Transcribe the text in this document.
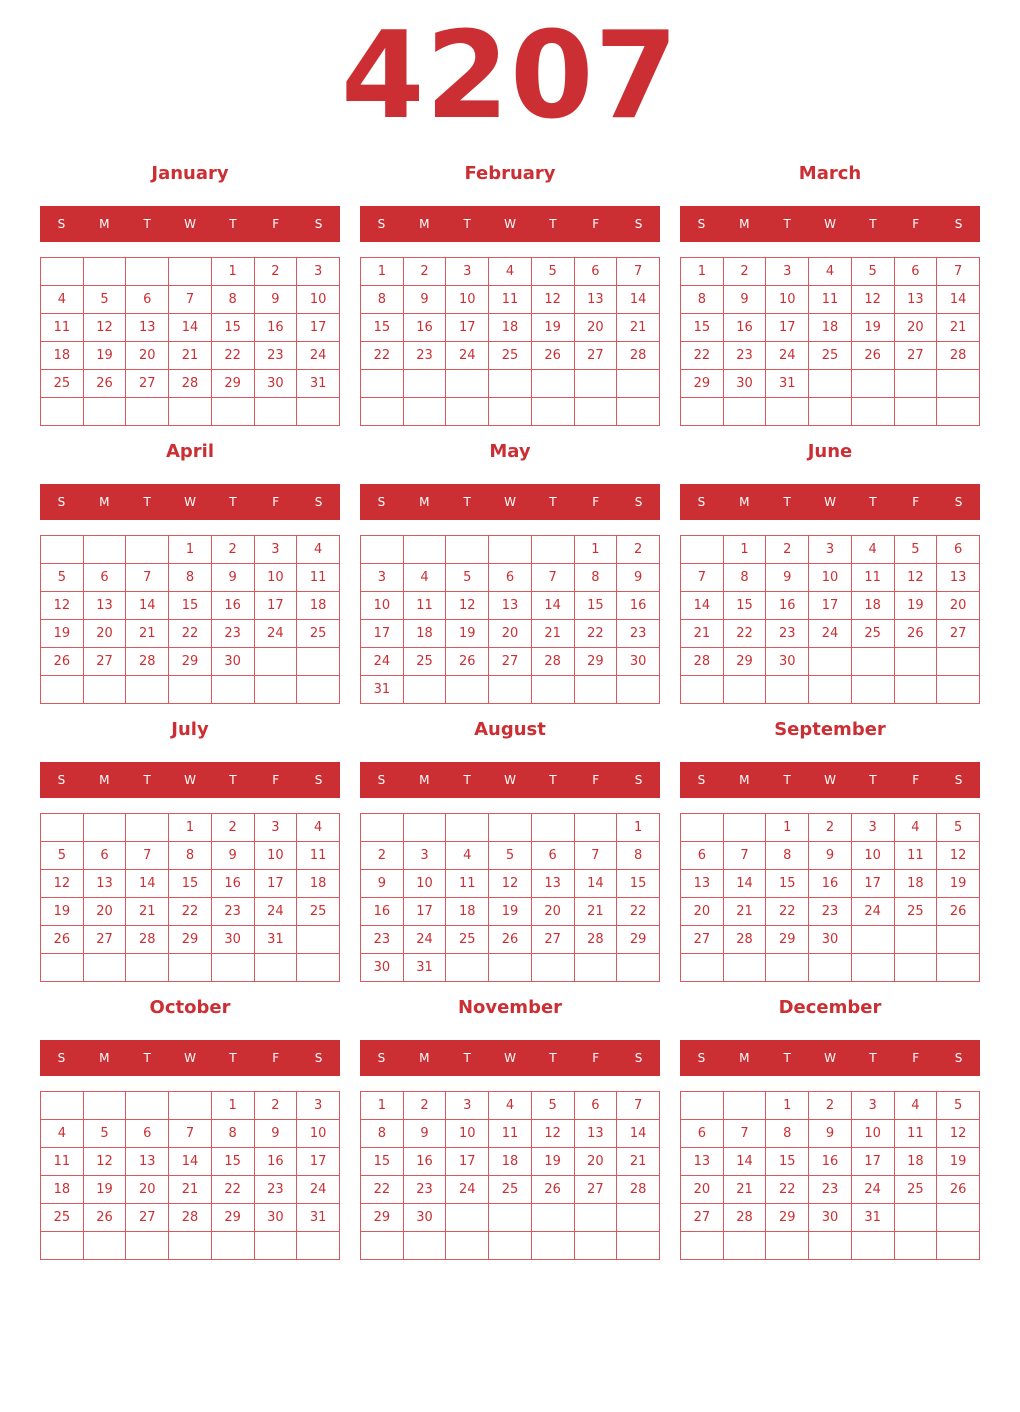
4207
January
S	M	T	W	T	F	S
				1	2	3
4	5	6	7	8	9	10
11	12	13	14	15	16	17
18	19	20	21	22	23	24
25	26	27	28	29	30	31

February
S	M	T	W	T	F	S
1	2	3	4	5	6	7
8	9	10	11	12	13	14
15	16	17	18	19	20	21
22	23	24	25	26	27	28

March
S	M	T	W	T	F	S
1	2	3	4	5	6	7
8	9	10	11	12	13	14
15	16	17	18	19	20	21
22	23	24	25	26	27	28
29	30	31				

April
S	M	T	W	T	F	S
			1	2	3	4
5	6	7	8	9	10	11
12	13	14	15	16	17	18
19	20	21	22	23	24	25
26	27	28	29	30		

May
S	M	T	W	T	F	S
					1	2
3	4	5	6	7	8	9
10	11	12	13	14	15	16
17	18	19	20	21	22	23
24	25	26	27	28	29	30
31						
June
S	M	T	W	T	F	S
	1	2	3	4	5	6
7	8	9	10	11	12	13
14	15	16	17	18	19	20
21	22	23	24	25	26	27
28	29	30				

July
S	M	T	W	T	F	S
			1	2	3	4
5	6	7	8	9	10	11
12	13	14	15	16	17	18
19	20	21	22	23	24	25
26	27	28	29	30	31	

August
S	M	T	W	T	F	S
						1
2	3	4	5	6	7	8
9	10	11	12	13	14	15
16	17	18	19	20	21	22
23	24	25	26	27	28	29
30	31					
September
S	M	T	W	T	F	S
		1	2	3	4	5
6	7	8	9	10	11	12
13	14	15	16	17	18	19
20	21	22	23	24	25	26
27	28	29	30			

October
S	M	T	W	T	F	S
				1	2	3
4	5	6	7	8	9	10
11	12	13	14	15	16	17
18	19	20	21	22	23	24
25	26	27	28	29	30	31

November
S	M	T	W	T	F	S
1	2	3	4	5	6	7
8	9	10	11	12	13	14
15	16	17	18	19	20	21
22	23	24	25	26	27	28
29	30					

December
S	M	T	W	T	F	S
		1	2	3	4	5
6	7	8	9	10	11	12
13	14	15	16	17	18	19
20	21	22	23	24	25	26
27	28	29	30	31		
